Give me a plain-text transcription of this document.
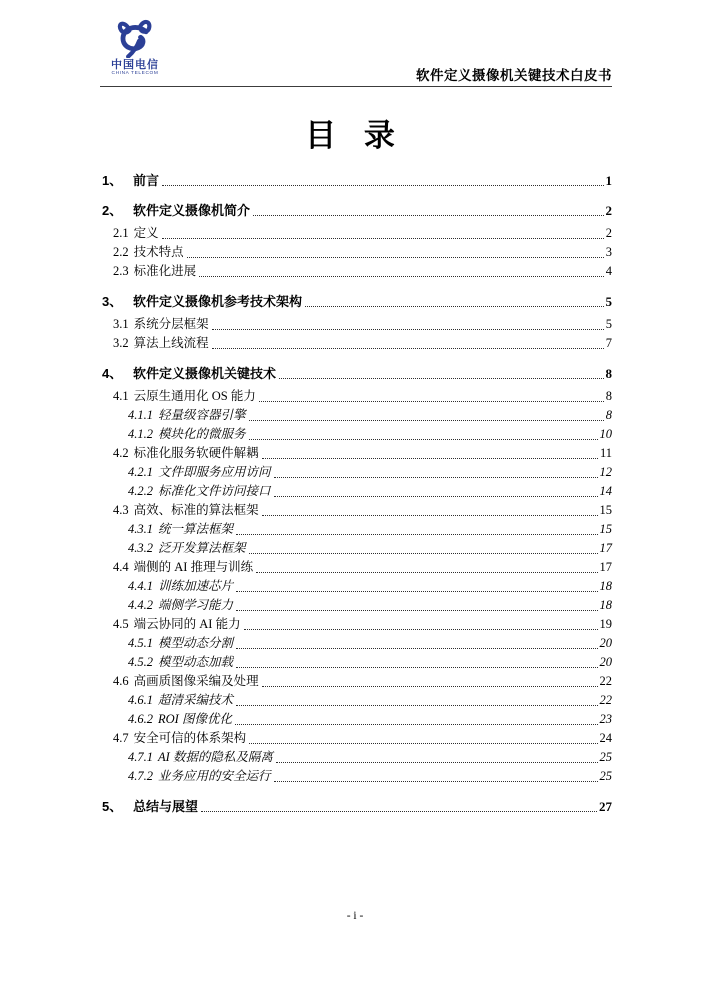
中国电信
CHINA TELECOM	软件定义摄像机关键技术白皮书
目 录
1、 前言	1
2、 软件定义摄像机简介	2
2.1 定义	2
2.2 技术特点	3
2.3 标准化进展	4
3、 软件定义摄像机参考技术架构	5
3.1 系统分层框架	5
3.2 算法上线流程	7
4、 软件定义摄像机关键技术	8
4.1 云原生通用化 OS 能力	8
4.1.1 轻量级容器引擎	8
4.1.2 模块化的微服务	10
4.2 标准化服务软硬件解耦	11
4.2.1 文件即服务应用访问	12
4.2.2 标准化文件访问接口	14
4.3 高效、标准的算法框架	15
4.3.1 统一算法框架	15
4.3.2 泛开发算法框架	17
4.4 端侧的 AI 推理与训练	17
4.4.1 训练加速芯片	18
4.4.2 端侧学习能力	18
4.5 端云协同的 AI 能力	19
4.5.1 模型动态分割	20
4.5.2 模型动态加载	20
4.6 高画质图像采编及处理	22
4.6.1 超清采编技术	22
4.6.2 ROI 图像优化	23
4.7 安全可信的体系架构	24
4.7.1 AI 数据的隐私及隔离	25
4.7.2 业务应用的安全运行	25
5、 总结与展望	27
- i -
